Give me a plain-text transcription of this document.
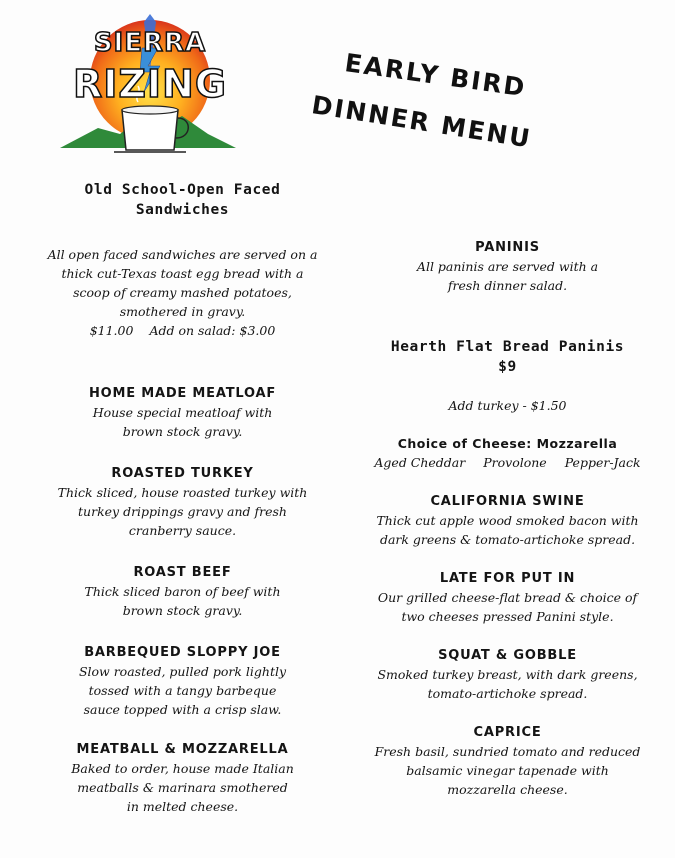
SIERRA
RIZING	EARLY BIRD
DINNER MENU
Old School-Open Faced
Sandwiches
All open faced sandwiches are served on a
thick cut-Texas toast egg bread with a
scoop of creamy mashed potatoes,
smothered in gravy.
$11.00 Add on salad: $3.00
HOME MADE MEATLOAF
House special meatloaf with
brown stock gravy.
ROASTED TURKEY
Thick sliced, house roasted turkey with
turkey drippings gravy and fresh
cranberry sauce.
ROAST BEEF
Thick sliced baron of beef with
brown stock gravy.
BARBEQUED SLOPPY JOE
Slow roasted, pulled pork lightly
tossed with a tangy barbeque
sauce topped with a crisp slaw.
MEATBALL & MOZZARELLA
Baked to order, house made Italian
meatballs & marinara smothered
in melted cheese.
PANINIS
All paninis are served with a
fresh dinner salad.
Hearth Flat Bread Paninis
$9
Add turkey - $1.50
Choice of Cheese: Mozzarella
Aged Cheddar Provolone Pepper-Jack
CALIFORNIA SWINE
Thick cut apple wood smoked bacon with
dark greens & tomato-artichoke spread.
LATE FOR PUT IN
Our grilled cheese-flat bread & choice of
two cheeses pressed Panini style.
SQUAT & GOBBLE
Smoked turkey breast, with dark greens,
tomato-artichoke spread.
CAPRICE
Fresh basil, sundried tomato and reduced
balsamic vinegar tapenade with
mozzarella cheese.
